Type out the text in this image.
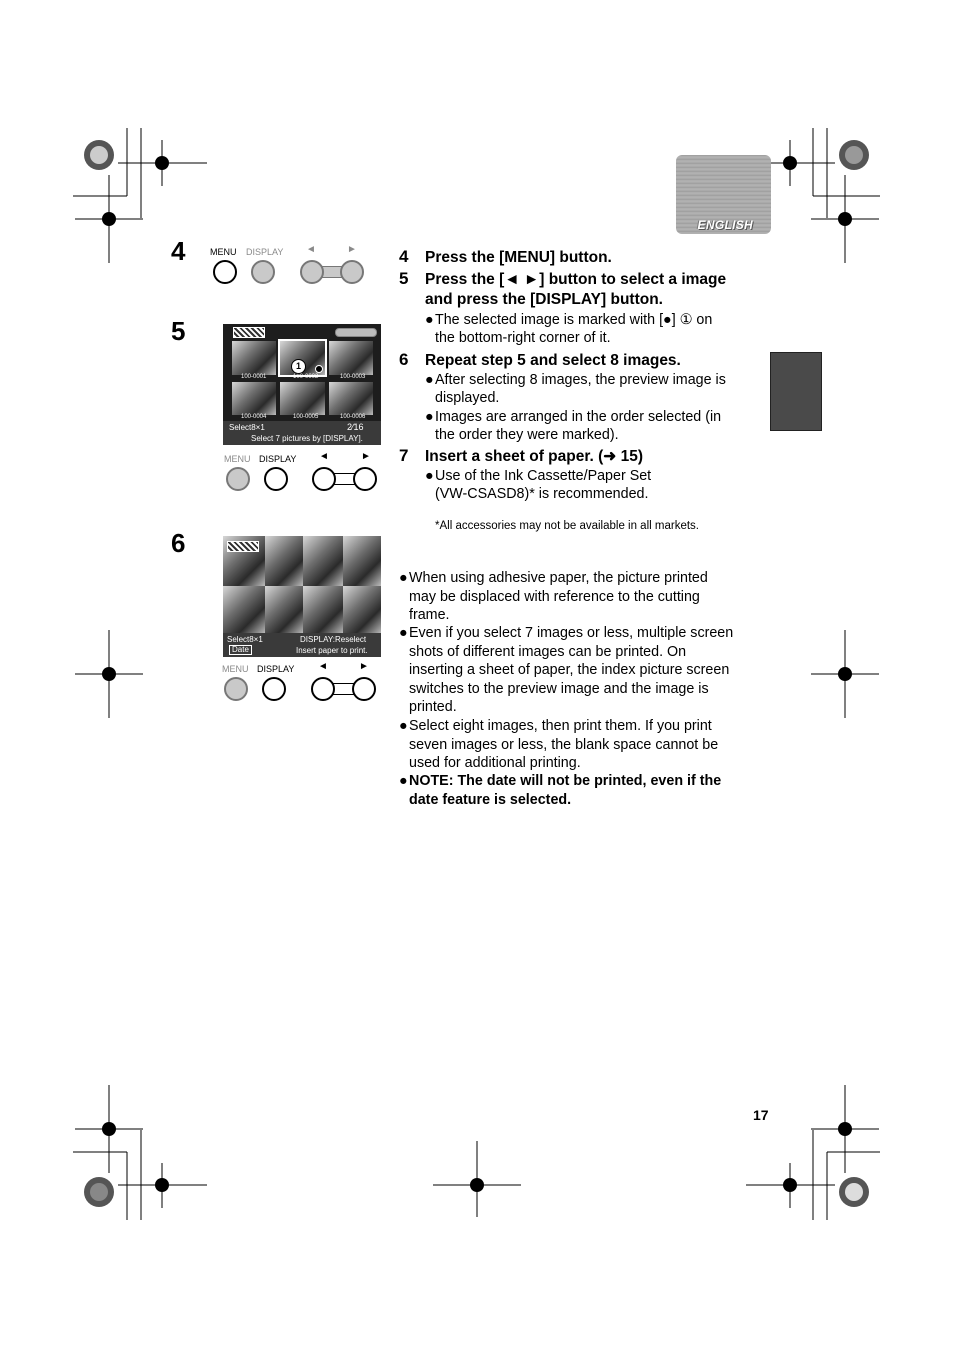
ENGLISH
4	MENU DISPLAY ◄	►
5
100-0001	100-0002	100-0003
100-0004	100-0005	100-0006
1
Select8×1	2⁄16
Select 7 pictures by [DISPLAY].
MENU DISPLAY ◄	►
6
Select8×1
Date
DISPLAY:Reselect
Insert paper to print.
MENU DISPLAY ◄	►
4 Press the [MENU] button.
5 Press the [◄ ►] button to select a image
and press the [DISPLAY] button.
● The selected image is marked with [●] ① on
the bottom-right corner of it.
6 Repeat step 5 and select 8 images.
● After selecting 8 images, the preview image is
displayed.
● Images are arranged in the order selected (in
the order they were marked).
7 Insert a sheet of paper. (➜ 15)
● Use of the Ink Cassette/Paper Set
(VW-CSASD8)* is recommended.
*All accessories may not be available in all markets.
● When using adhesive paper, the picture printed
may be displaced with reference to the cutting
frame.
● Even if you select 7 images or less, multiple screen
shots of different images can be printed. On
inserting a sheet of paper, the index picture screen
switches to the preview image and the image is
printed.
● Select eight images, then print them. If you print
seven images or less, the blank space cannot be
used for additional printing.
● NOTE: The date will not be printed, even if the
date feature is selected.
17
